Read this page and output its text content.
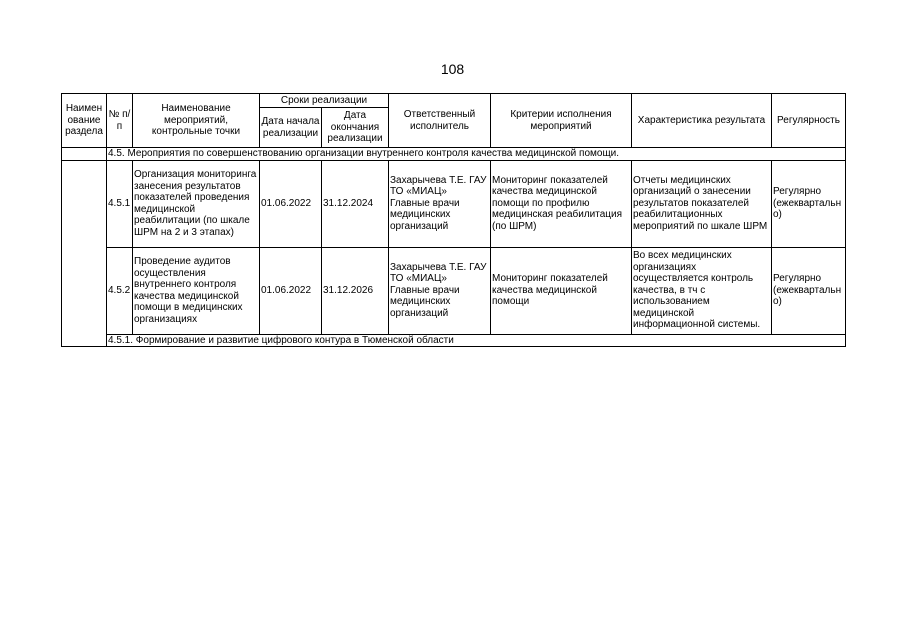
108
Наимен ование раздела	№ п/п	Наименование мероприятий, контрольные точки	Сроки реализации		Ответственный исполнитель	Критерии исполнения мероприятий	Характеристика результата	Регулярность
			Дата начала реализации	Дата окончания реализации				
	4.5. Мероприятия по совершенствованию организации внутреннего контроля качества медицинской помощи.							
	4.5.1	Организация мониторинга занесения результатов показателей проведения медицинской реабилитации (по шкале ШРМ на 2 и 3 этапах)	01.06.2022	31.12.2024	Захарычева Т.Е. ГАУ ТО «МИАЦ» Главные врачи медицинских организаций	Мониторинг показателей качества медицинской помощи по профилю медицинская реабилитация (по ШРМ)	Отчеты медицинских организаций о занесении результатов показателей реабилитационных мероприятий по шкале ШРМ	Регулярно (ежеквартально)
	4.5.2	Проведение аудитов осуществления внутреннего контроля качества медицинской помощи в медицинских организациях	01.06.2022	31.12.2026	Захарычева Т.Е. ГАУ ТО «МИАЦ» Главные врачи медицинских организаций	Мониторинг показателей качества медицинской помощи	Во всех медицинских организациях осуществляется контроль качества, в тч с использованием медицинской информационной системы.	Регулярно (ежеквартально)
	4.5.1. Формирование и развитие цифрового контура в Тюменской области							
